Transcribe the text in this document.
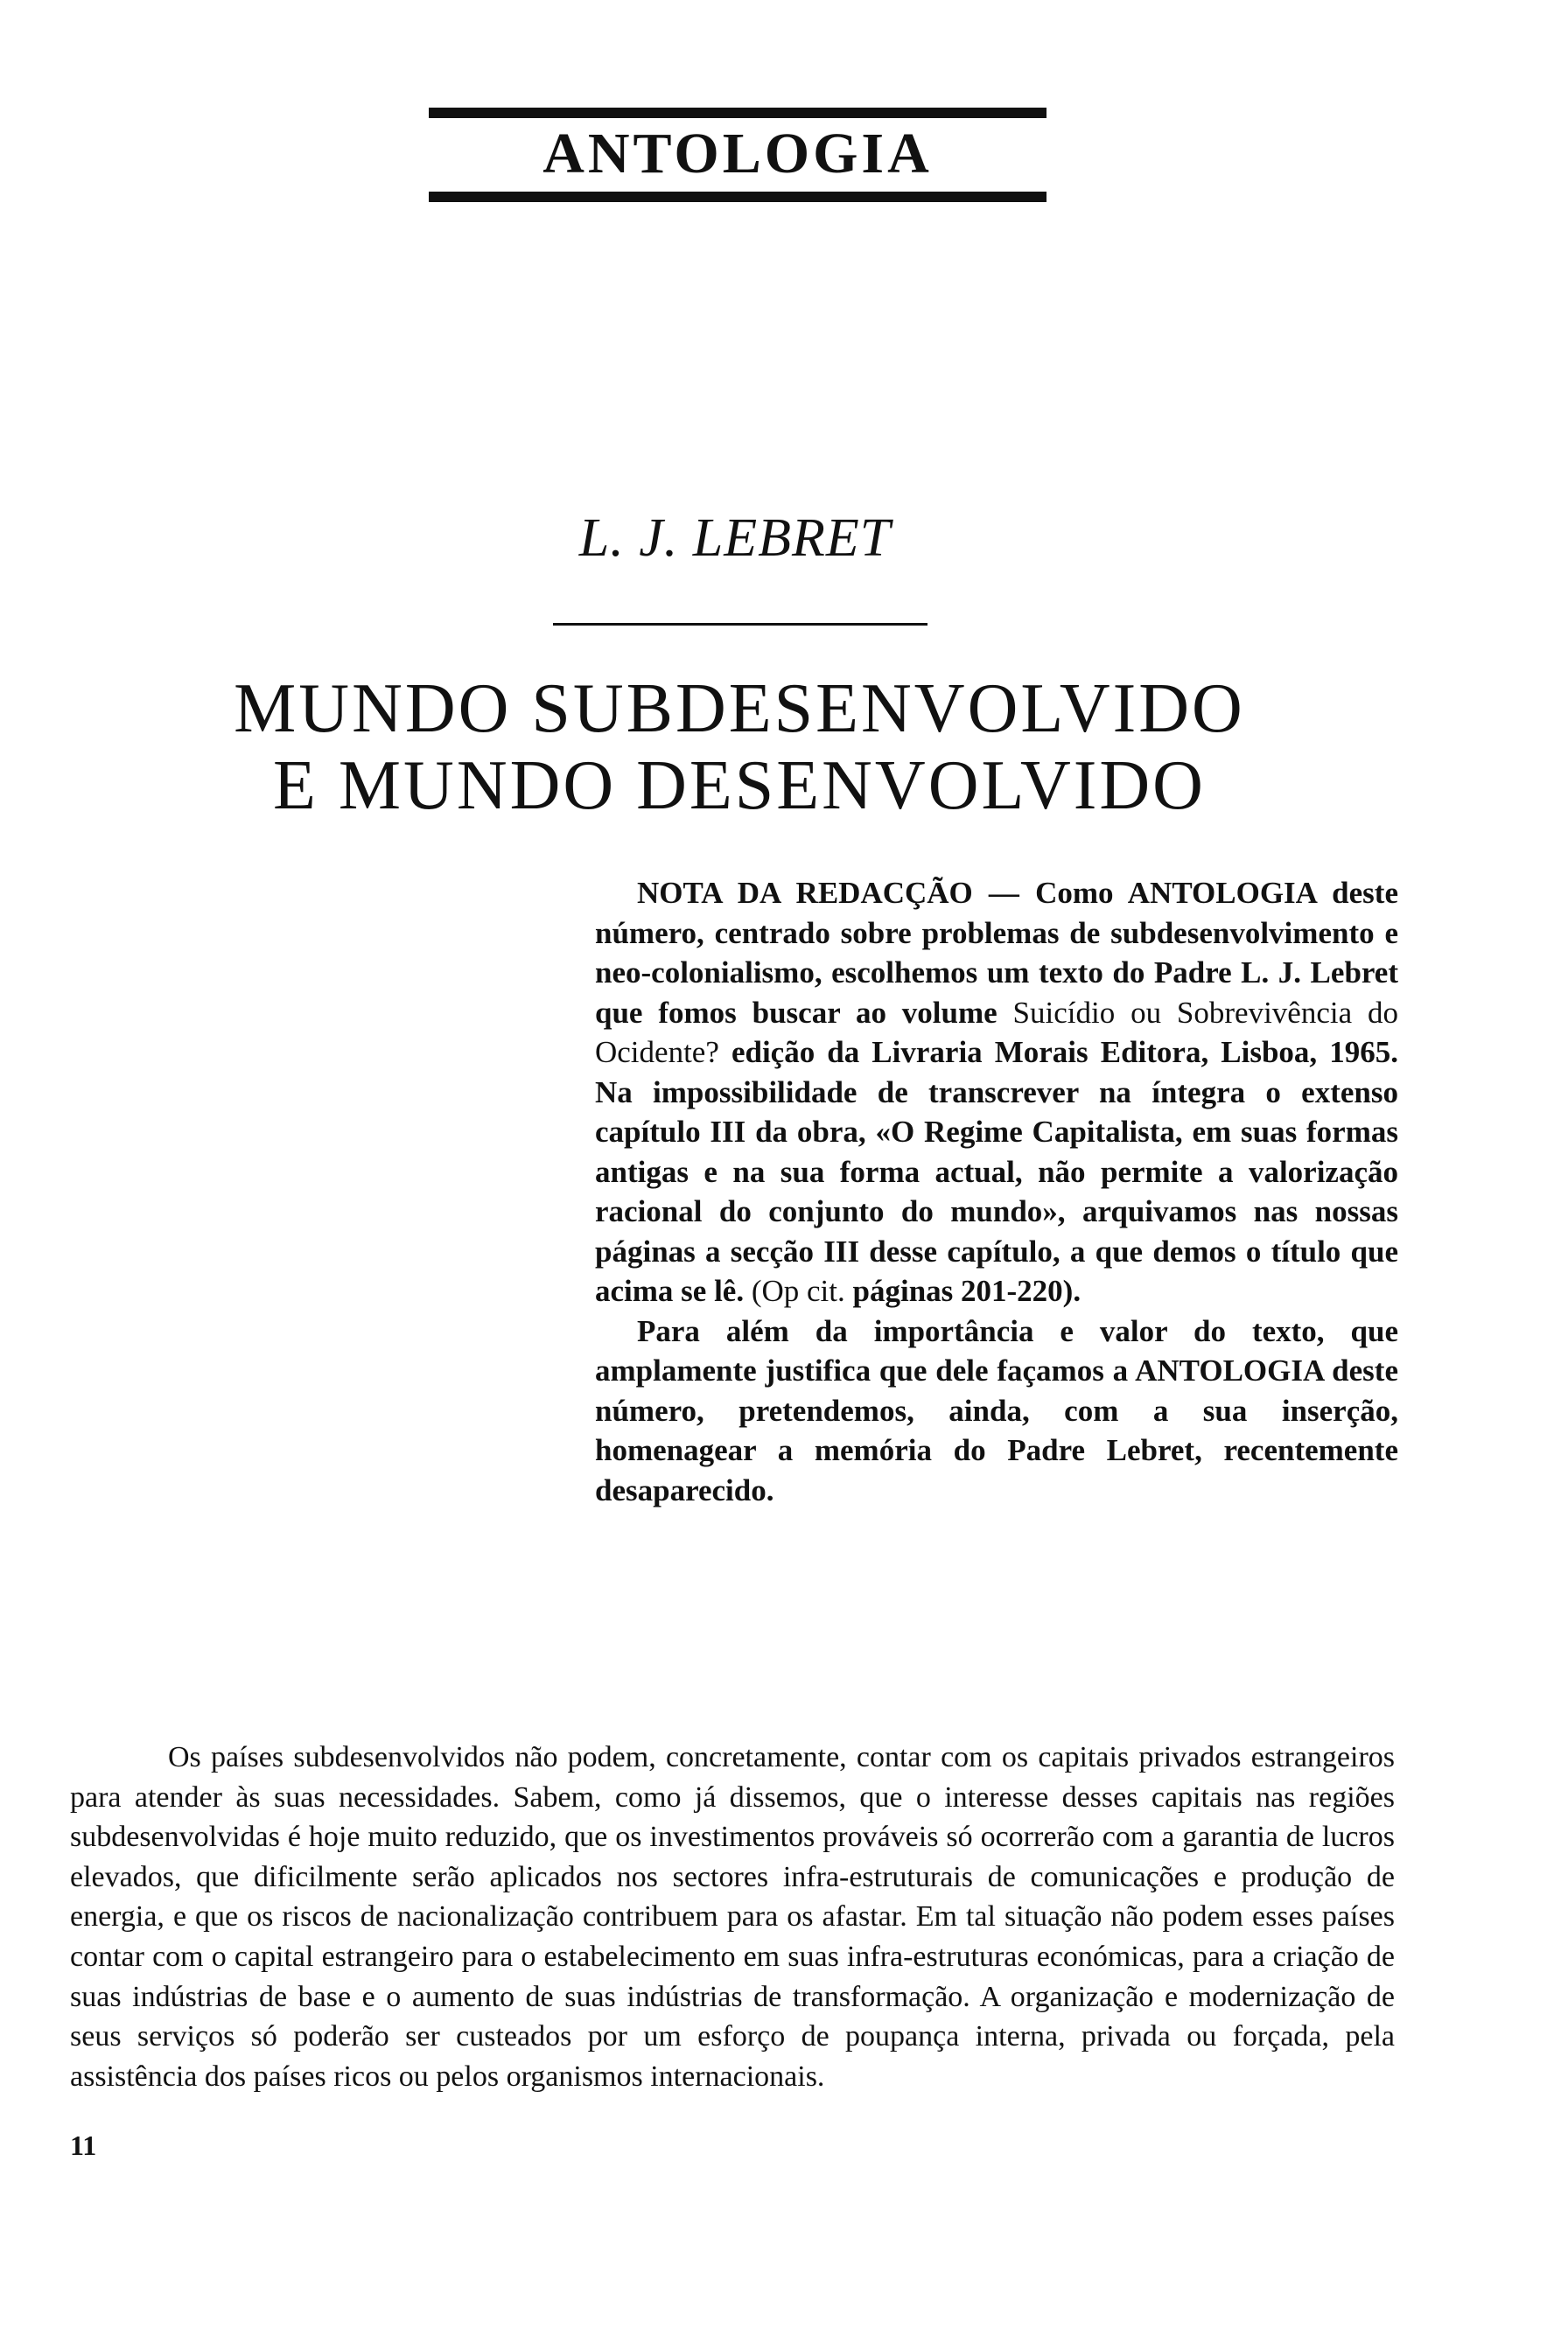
ANTOLOGIA
L. J. LEBRET
MUNDO SUBDESENVOLVIDO
E MUNDO DESENVOLVIDO

NOTA DA REDACÇÃO — Como ANTOLOGIA deste número, centrado sobre problemas de subdesenvolvimento e neo-colonialismo, escolhemos um texto do Padre L. J. Lebret que fomos buscar ao volume Suicídio ou Sobrevivência do Ocidente? edição da Livraria Morais Editora, Lisboa, 1965. Na impossibilidade de transcrever na íntegra o extenso capítulo III da obra, «O Regime Capitalista, em suas formas antigas e na sua forma actual, não permite a valorização racional do conjunto do mundo», arquivamos nas nossas páginas a secção III desse capítulo, a que demos o título que acima se lê. (Op cit. páginas 201-220).

Para além da importância e valor do texto, que amplamente justifica que dele façamos a ANTOLOGIA deste número, pretendemos, ainda, com a sua inserção, homenagear a memória do Padre Lebret, recentemente desaparecido.

Os países subdesenvolvidos não podem, concretamente, contar com os capitais privados estrangeiros para atender às suas necessidades. Sabem, como já dissemos, que o interesse desses capitais nas regiões subdesenvolvidas é hoje muito reduzido, que os investimentos prováveis só ocorrerão com a garantia de lucros elevados, que dificilmente serão aplicados nos sectores infra-estruturais de comunicações e produção de energia, e que os riscos de nacionalização contribuem para os afastar. Em tal situação não podem esses países contar com o capital estrangeiro para o estabelecimento em suas infra-estruturas económicas, para a criação de suas indústrias de base e o aumento de suas indústrias de transformação. A organização e modernização de seus serviços só poderão ser custeados por um esforço de poupança interna, privada ou forçada, pela assistência dos países ricos ou pelos organismos internacionais.

11
